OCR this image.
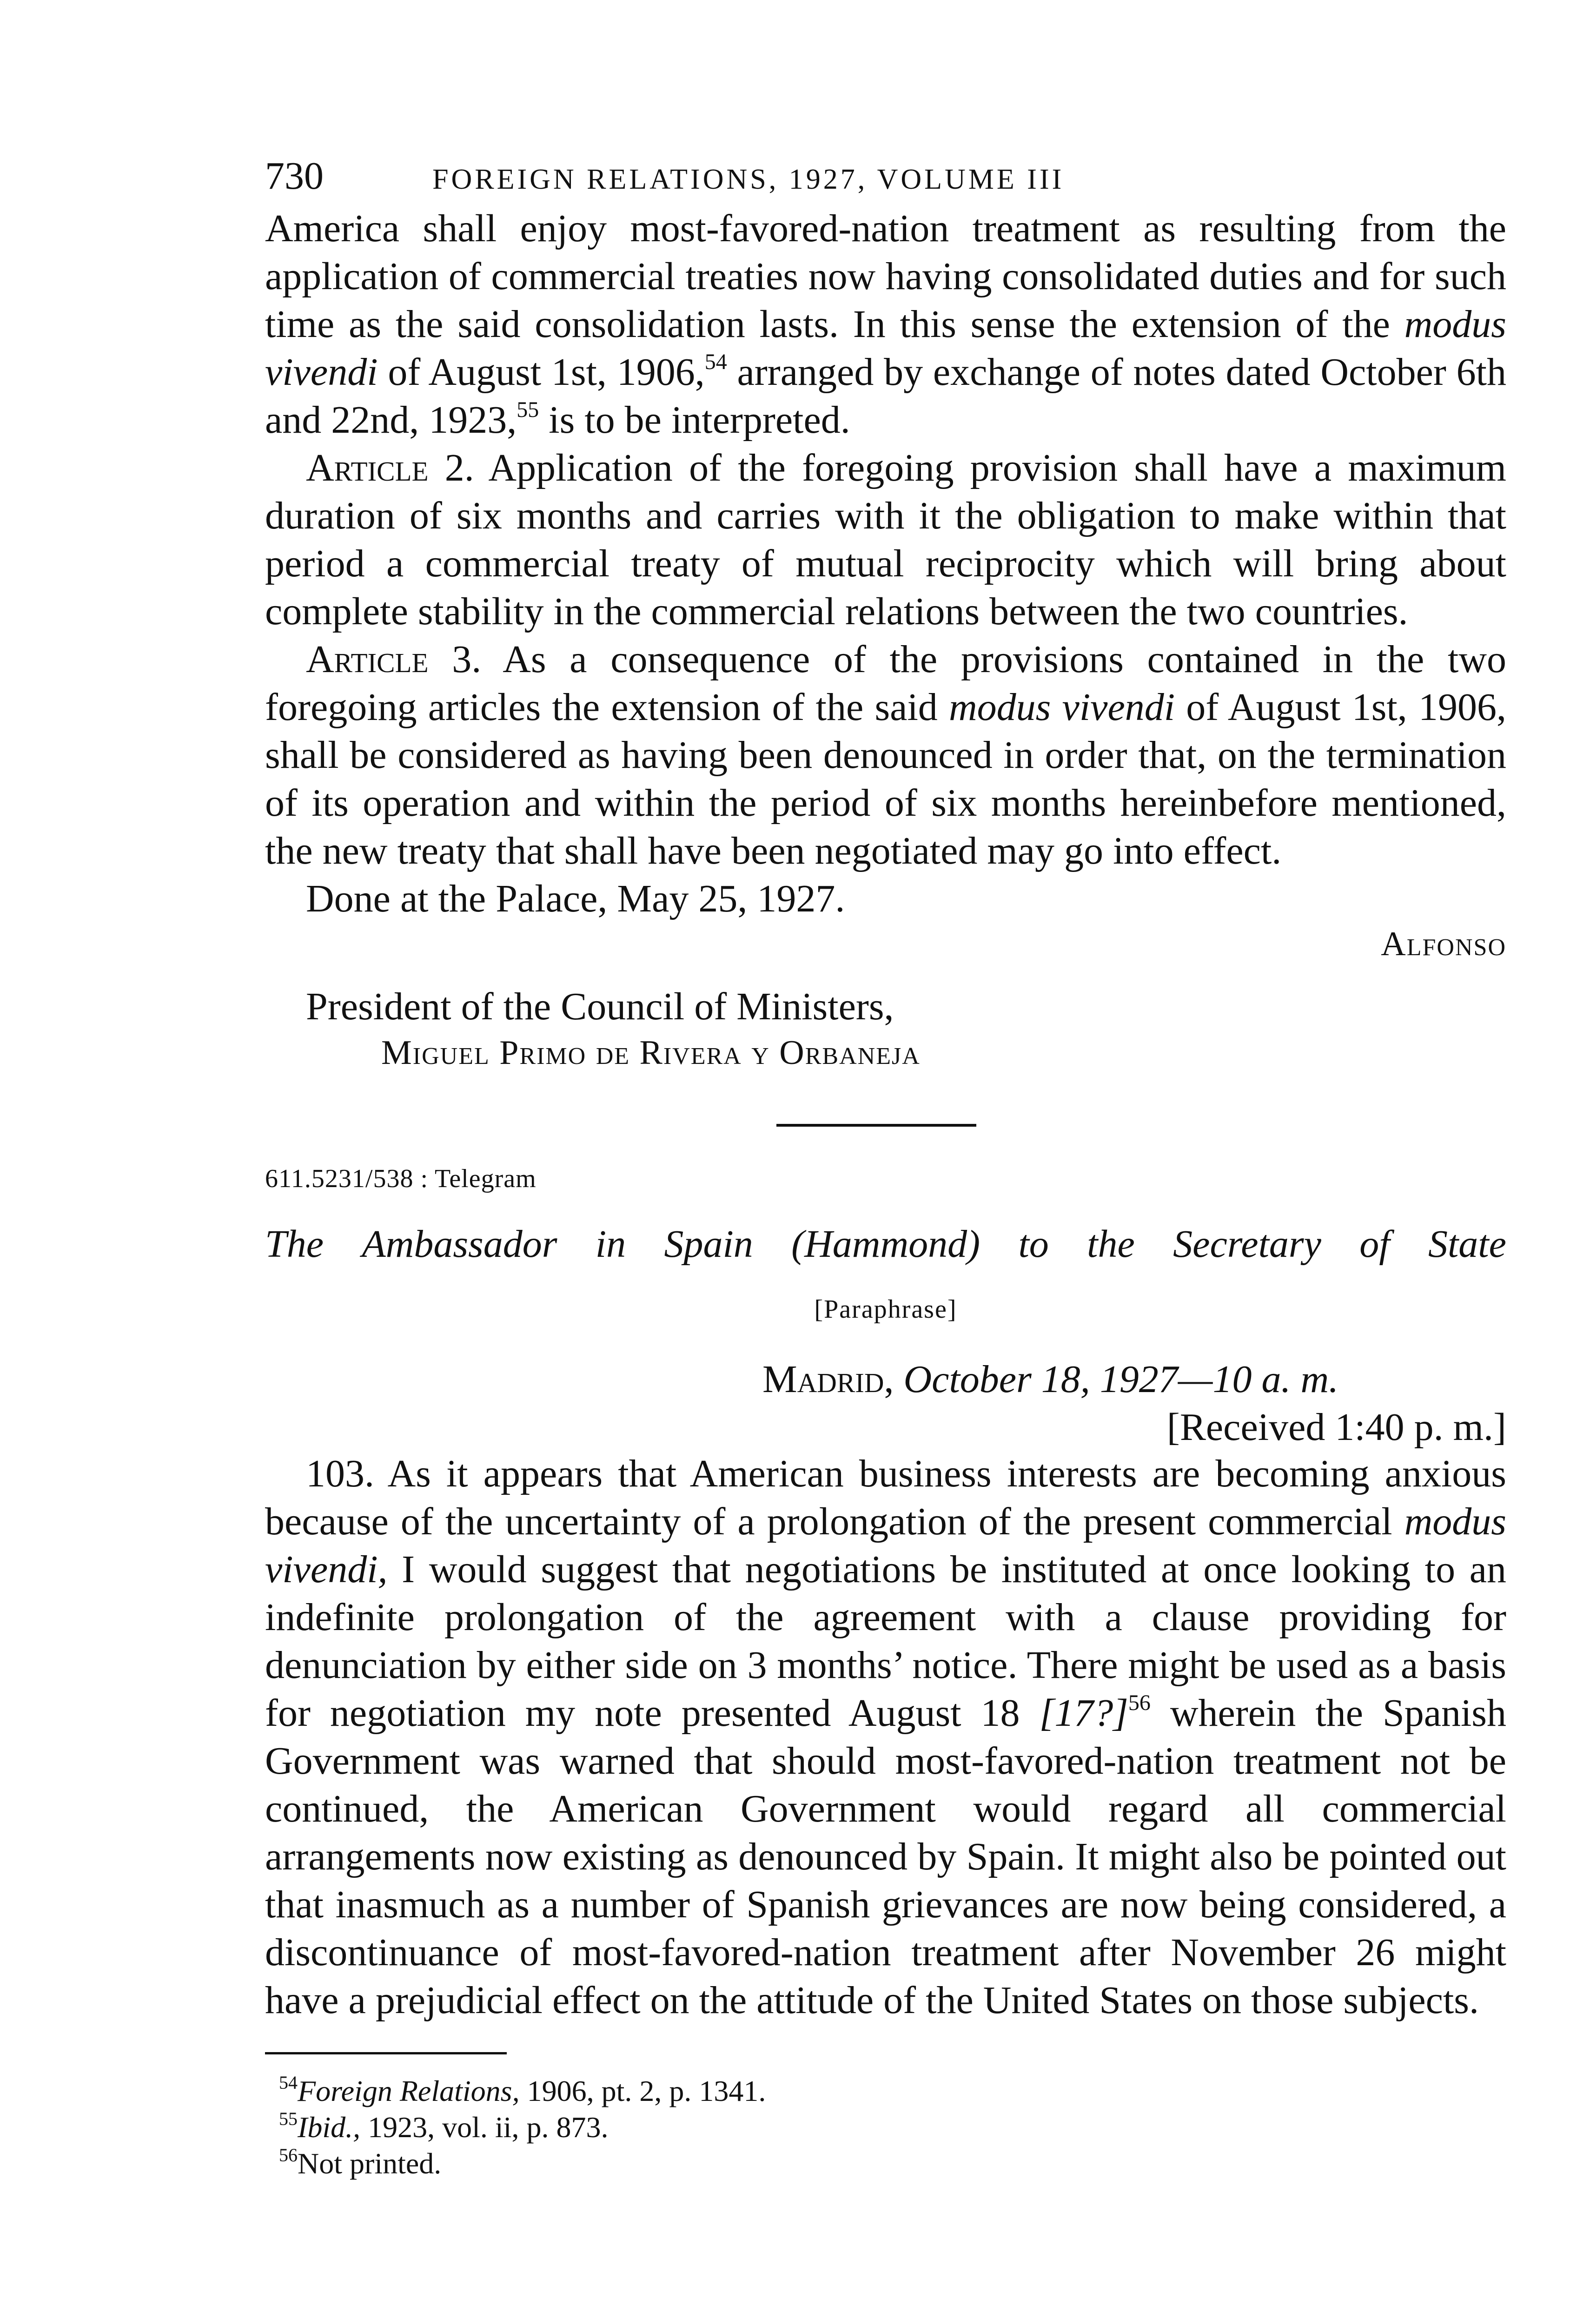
730	FOREIGN RELATIONS, 1927, VOLUME III

America shall enjoy most-favored-nation treatment as resulting from the application of commercial treaties now having consolidated duties and for such time as the said consolidation lasts. In this sense the extension of the modus vivendi of August 1st, 1906,54 arranged by exchange of notes dated October 6th and 22nd, 1923,55 is to be interpreted.

Article 2. Application of the foregoing provision shall have a maximum duration of six months and carries with it the obligation to make within that period a commercial treaty of mutual reciprocity which will bring about complete stability in the commercial relations between the two countries.

Article 3. As a consequence of the provisions contained in the two foregoing articles the extension of the said modus vivendi of August 1st, 1906, shall be considered as having been denounced in order that, on the termination of its operation and within the period of six months hereinbefore mentioned, the new treaty that shall have been negotiated may go into effect.

Done at the Palace, May 25, 1927.
Alfonso
President of the Council of Ministers,
Miguel Primo de Rivera y Orbaneja
611.5231/538 : Telegram
The Ambassador in Spain (Hammond) to the Secretary of State
[Paraphrase]
Madrid, October 18, 1927—10 a. m.
[Received 1:40 p. m.]

103. As it appears that American business interests are becoming anxious because of the uncertainty of a prolongation of the present commercial modus vivendi, I would suggest that negotiations be instituted at once looking to an indefinite prolongation of the agreement with a clause providing for denunciation by either side on 3 months’ notice. There might be used as a basis for negotiation my note presented August 18 [17?]$^{56}$ wherein the Spanish Government was warned that should most-favored-nation treatment not be continued, the American Government would regard all commercial arrangements now existing as denounced by Spain. It might also be pointed out that inasmuch as a number of Spanish grievances are now being considered, a discontinuance of most-favored-nation treatment after November 26 might have a prejudicial effect on the attitude of the United States on those subjects.

$^{54}$Foreign Relations, 1906, pt. 2, p. 1341.
$^{55}$Ibid., 1923, vol. ii, p. 873.
$^{56}$Not printed.
